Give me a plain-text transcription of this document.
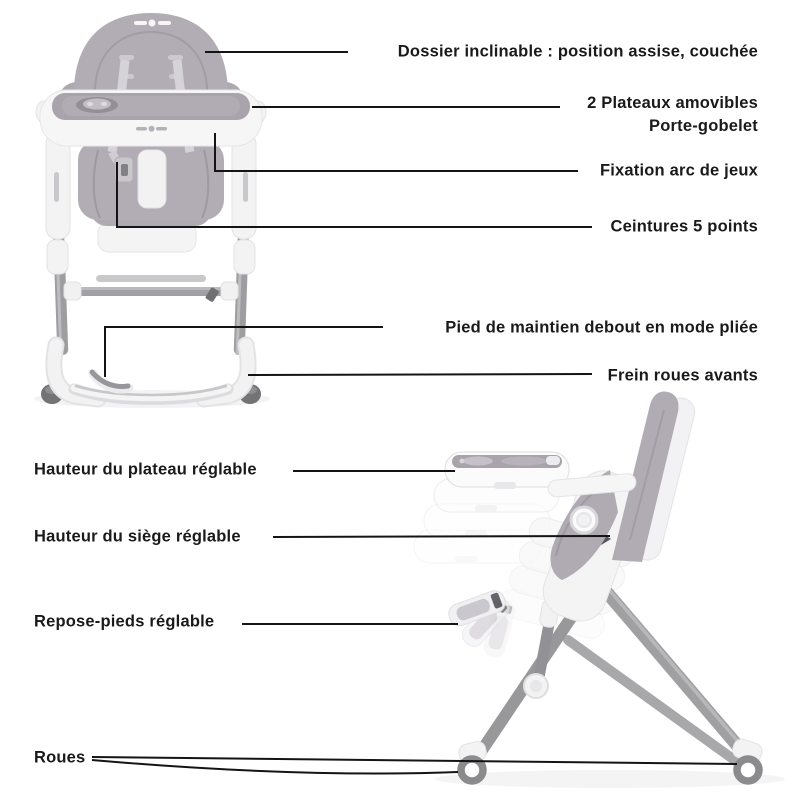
Dossier inclinable : position assise, couchée
2 Plateaux amovibles
Porte-gobelet
Fixation arc de jeux
Ceintures 5 points
Pied de maintien debout en mode pliée
Frein roues avants
Hauteur du plateau réglable
Hauteur du siège réglable
Repose-pieds réglable
Roues
